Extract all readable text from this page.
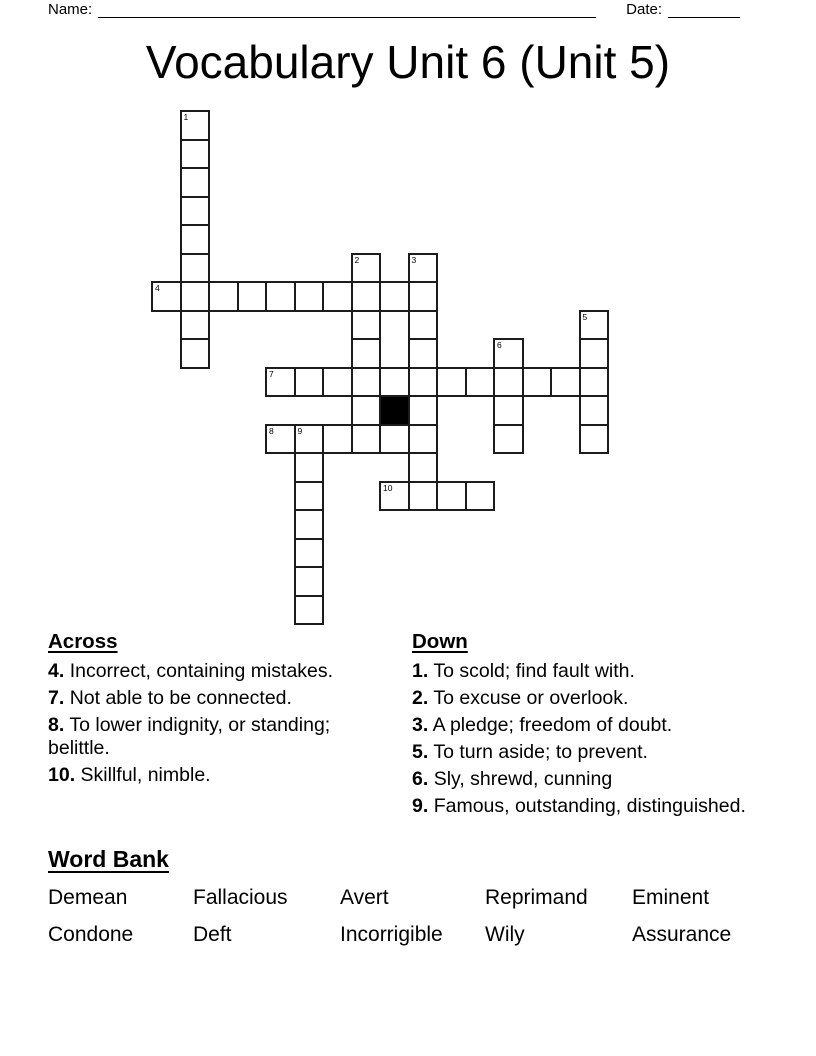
Name:	Date:
Vocabulary Unit 6 (Unit 5)
4
7
8	9
10
1
2	3
5
6
Across
4. Incorrect, containing mistakes.
7. Not able to be connected.
8. To lower indignity, or standing; belittle.
10. Skillful, nimble.
Down
1. To scold; find fault with.
2. To excuse or overlook.
3. A pledge; freedom of doubt.
5. To turn aside; to prevent.
6. Sly, shrewd, cunning
9. Famous, outstanding, distinguished.
Word Bank
Demean	Fallacious	Avert	Reprimand	Eminent
Condone	Deft	Incorrigible	Wily	Assurance
